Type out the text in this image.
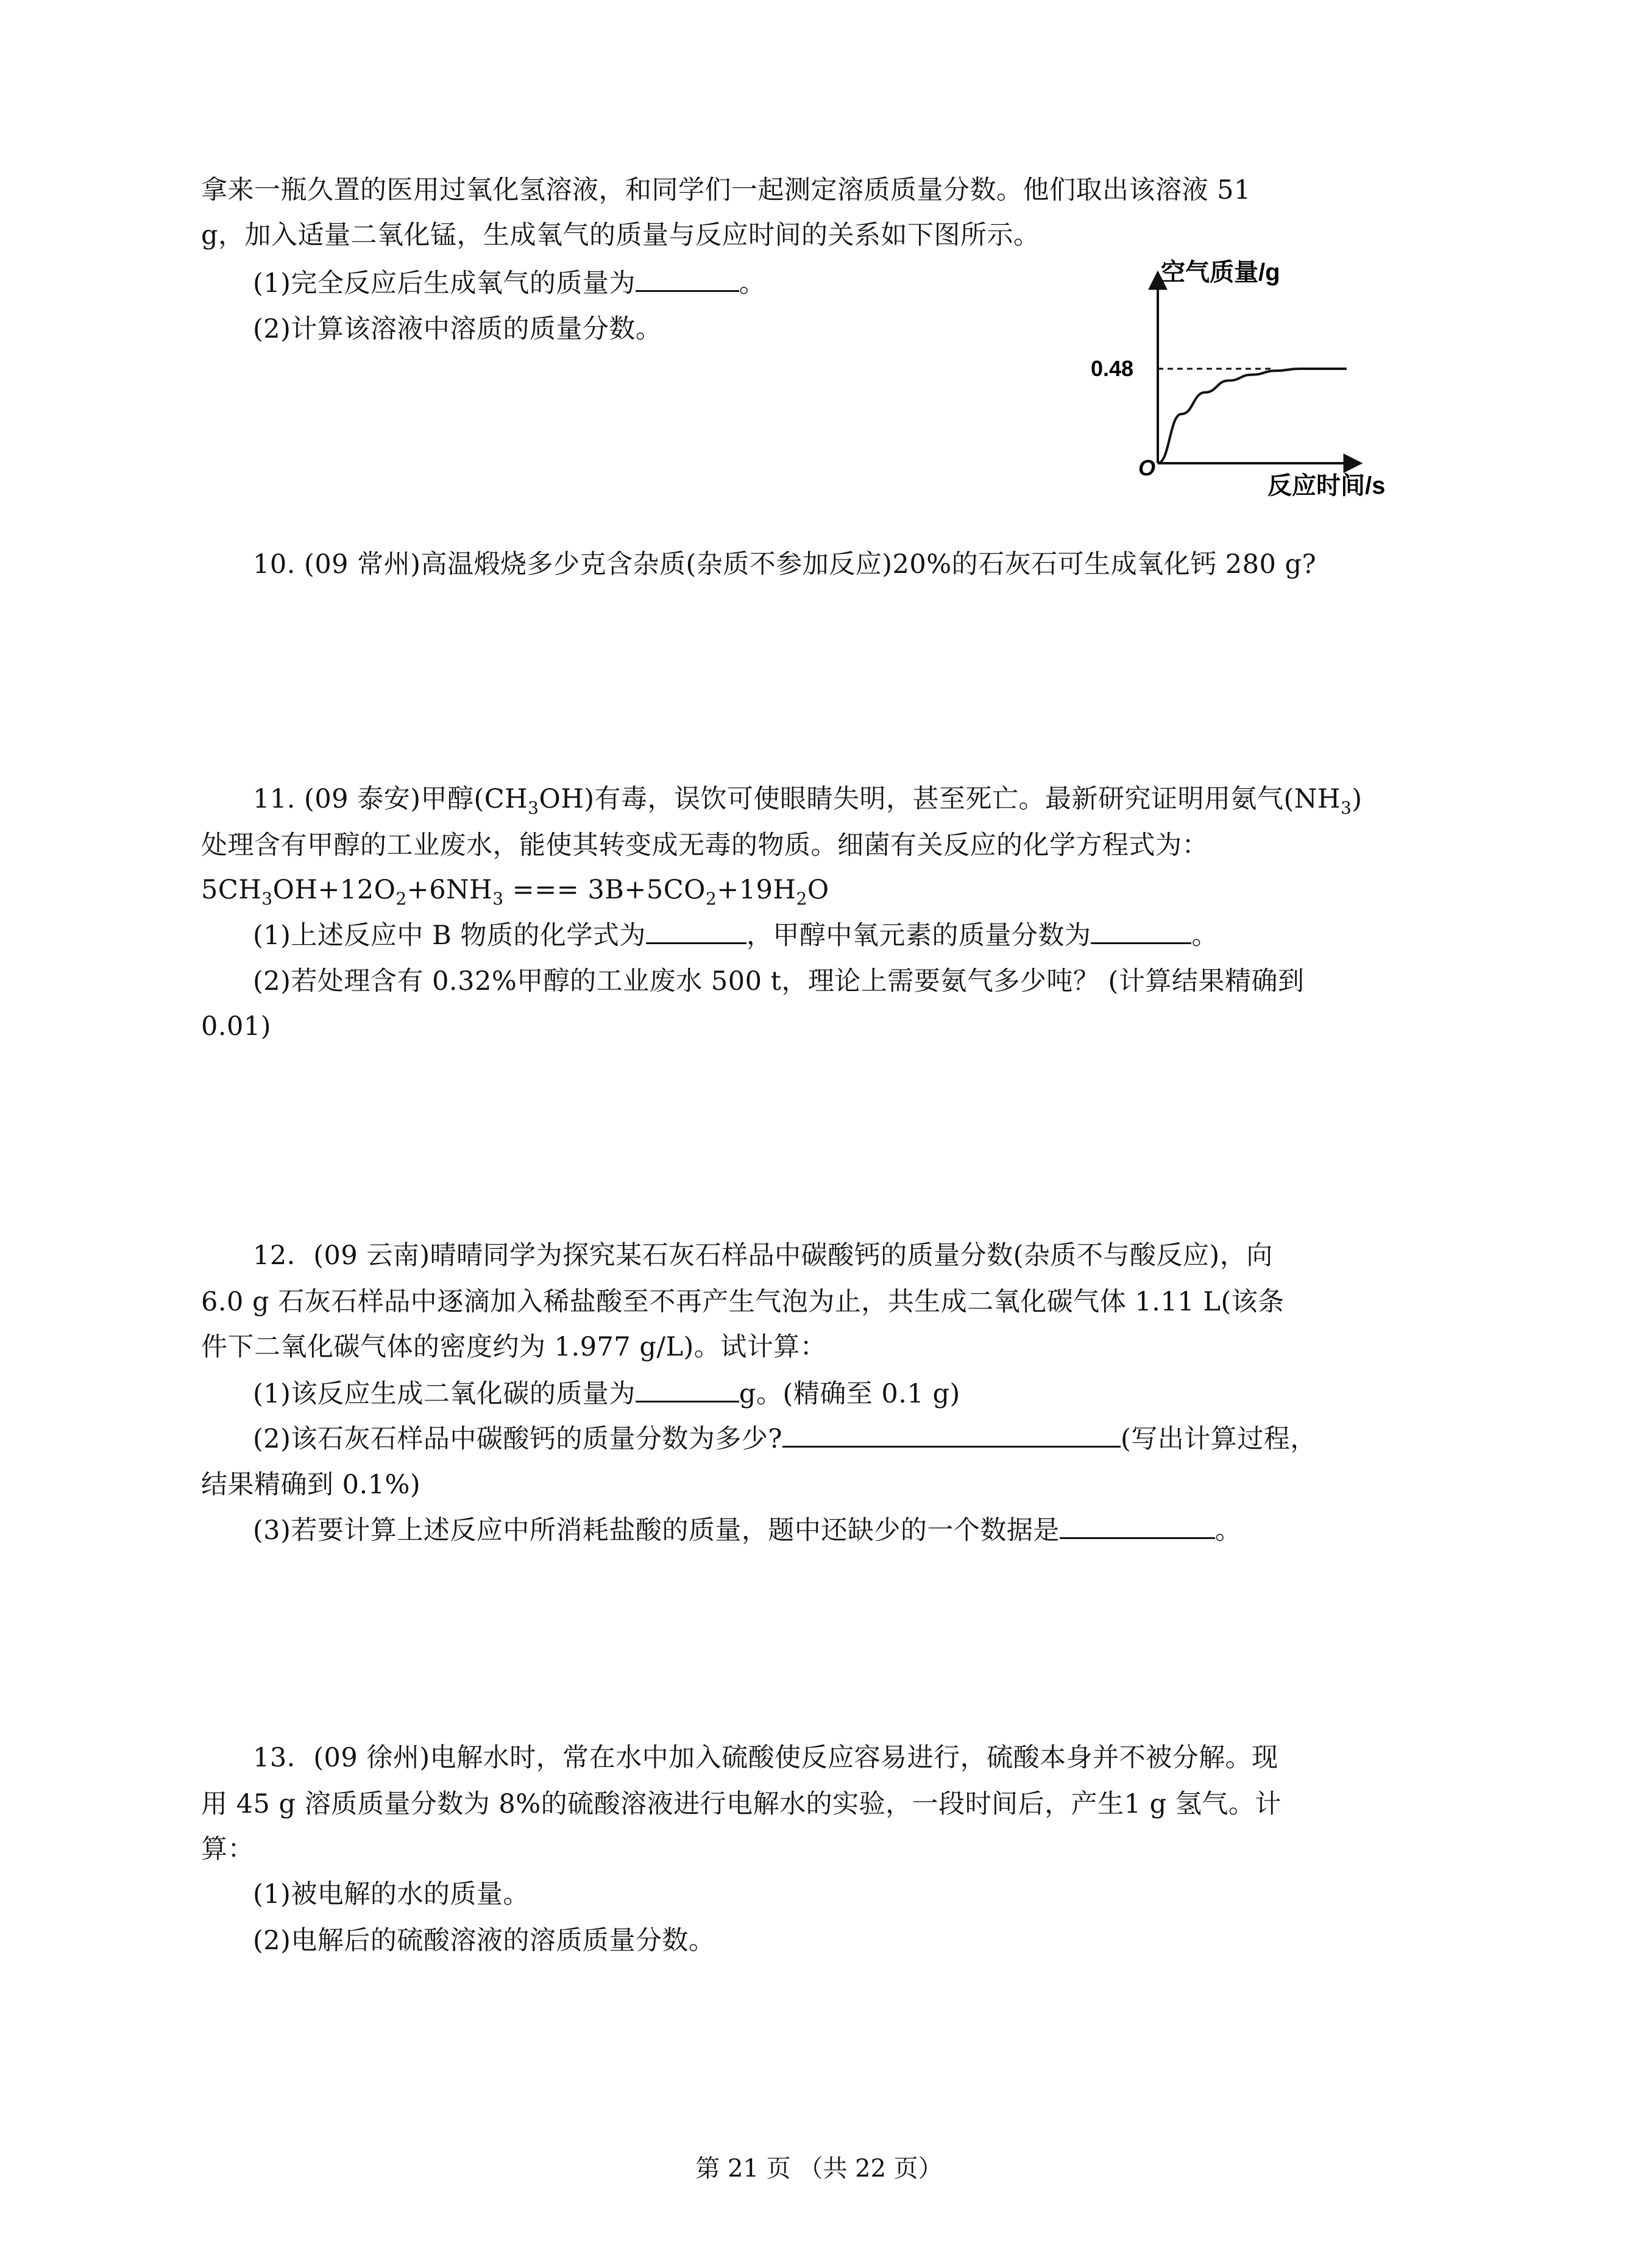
拿来一瓶久置的医用过氧化氢溶液，和同学们一起测定溶质质量分数。他们取出该溶液 51
g，加入适量二氧化锰，生成氧气的质量与反应时间的关系如下图所示。
(1)完全反应后生成氧气的质量为	。
(2)计算该溶液中溶质的质量分数。
空气质量/g
反应时间/s
O
0.48
10. (09 常州)高温煅烧多少克含杂质(杂质不参加反应)20%的石灰石可生成氧化钙 280 g?
11. (09 泰安)甲醇$(CH_3OH)$有毒，误饮可使眼睛失明，甚至死亡。最新研究证明用氨气$(NH_3)$
处理含有甲醇的工业废水，能使其转变成无毒的物质。细菌有关反应的化学方程式为：
$5CH_3OH+12O_2+6NH_3$ === $3B+5CO_2+19H_2O$
(1)上述反应中 B 物质的化学式为	，甲醇中氧元素的质量分数为	。
(2)若处理含有 0.32%甲醇的工业废水 500 t，理论上需要氨气多少吨？ (计算结果精确到
0.01)
12．(09 云南)晴晴同学为探究某石灰石样品中碳酸钙的质量分数(杂质不与酸反应)，向
6.0 g 石灰石样品中逐滴加入稀盐酸至不再产生气泡为止，共生成二氧化碳气体 1.11 L(该条
件下二氧化碳气体的密度约为 1.977 g/L)。试计算：
(1)该反应生成二氧化碳的质量为	g。(精确至 0.1 g)
(2)该石灰石样品中碳酸钙的质量分数为多少?	(写出计算过程，
结果精确到 0.1%)
(3)若要计算上述反应中所消耗盐酸的质量，题中还缺少的一个数据是	。
13．(09 徐州)电解水时，常在水中加入硫酸使反应容易进行，硫酸本身并不被分解。现
用 45 g 溶质质量分数为 8%的硫酸溶液进行电解水的实验，一段时间后，产生1 g 氢气。计
算：
(1)被电解的水的质量。
(2)电解后的硫酸溶液的溶质质量分数。
第 21 页 （共 22 页）
